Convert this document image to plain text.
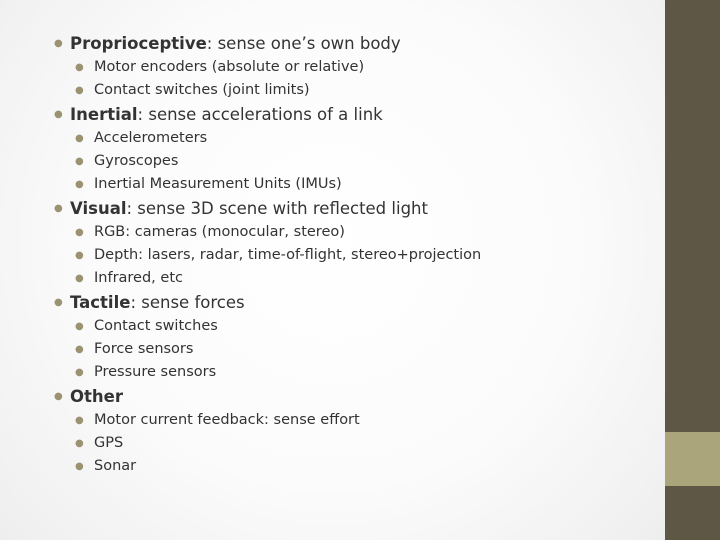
● Proprioceptive: sense one’s own body
● Motor encoders (absolute or relative)
● Contact switches (joint limits)
● Inertial: sense accelerations of a link
● Accelerometers
● Gyroscopes
● Inertial Measurement Units (IMUs)
● Visual: sense 3D scene with reflected light
● RGB: cameras (monocular, stereo)
● Depth: lasers, radar, time-of-flight, stereo+projection
● Infrared, etc
● Tactile: sense forces
● Contact switches
● Force sensors
● Pressure sensors
● Other
● Motor current feedback: sense effort
● GPS
● Sonar
